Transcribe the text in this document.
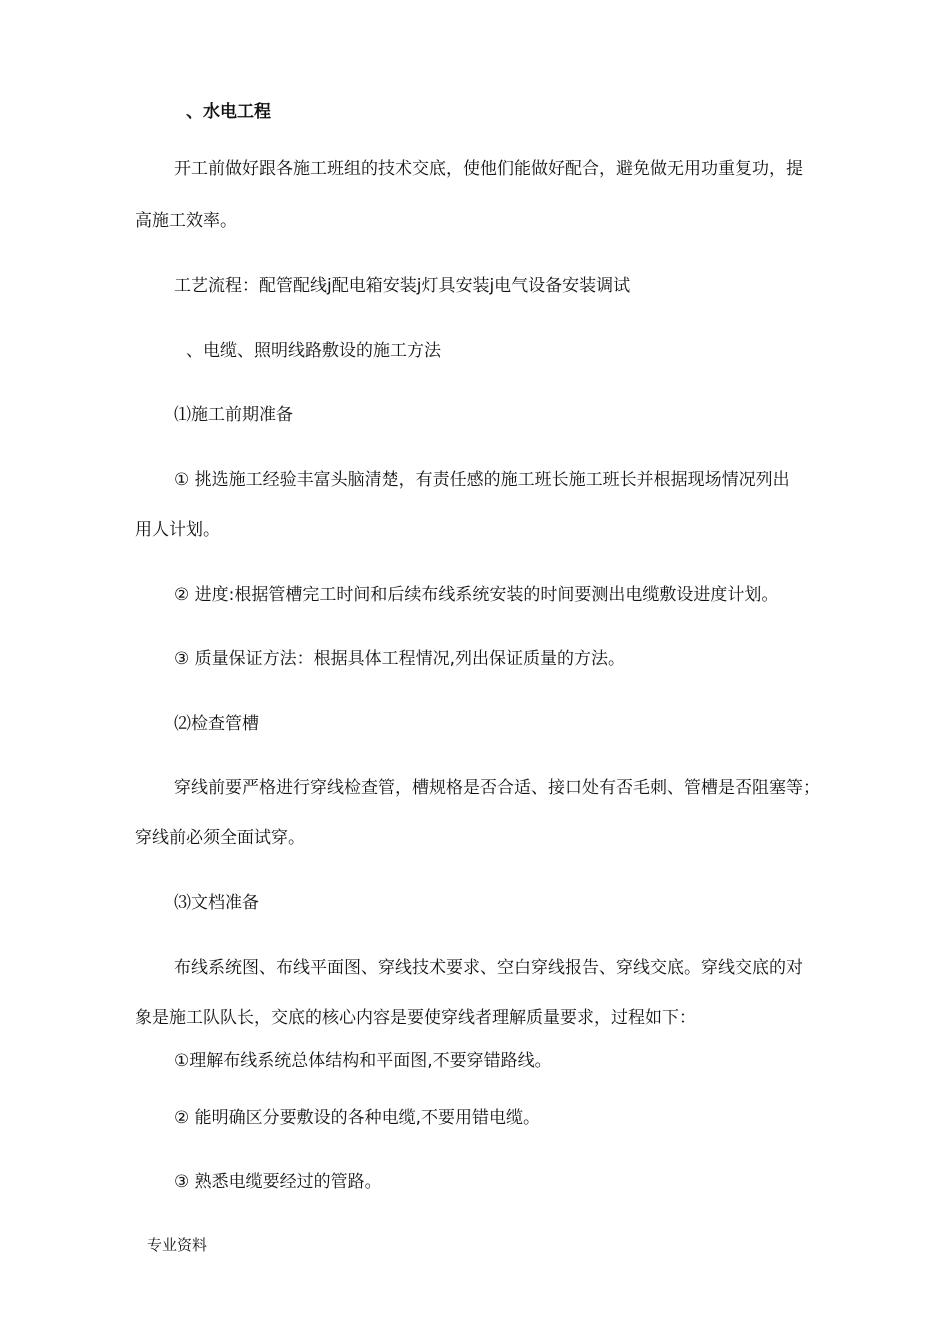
、水电工程
开工前做好跟各施工班组的技术交底，使他们能做好配合，避免做无用功重复功，提
高施工效率。
工艺流程：配管配线j配电箱安装j灯具安装j电气设备安装调试
、电缆、照明线路敷设的施工方法
⑴施工前期准备
① 挑选施工经验丰富头脑清楚，有责任感的施工班长施工班长并根据现场情况列出
用人计划。
② 进度:根据管槽完工时间和后续布线系统安装的时间要测出电缆敷设进度计划。
③ 质量保证方法：根据具体工程情况,列出保证质量的方法。
⑵检查管槽
穿线前要严格进行穿线检查管，槽规格是否合适、接口处有否毛刺、管槽是否阻塞等；
穿线前必须全面试穿。
⑶文档准备
布线系统图、布线平面图、穿线技术要求、空白穿线报告、穿线交底。穿线交底的对
象是施工队队长，交底的核心内容是要使穿线者理解质量要求，过程如下：
①理解布线系统总体结构和平面图,不要穿错路线。
② 能明确区分要敷设的各种电缆,不要用错电缆。
③ 熟悉电缆要经过的管路。
专业资料
